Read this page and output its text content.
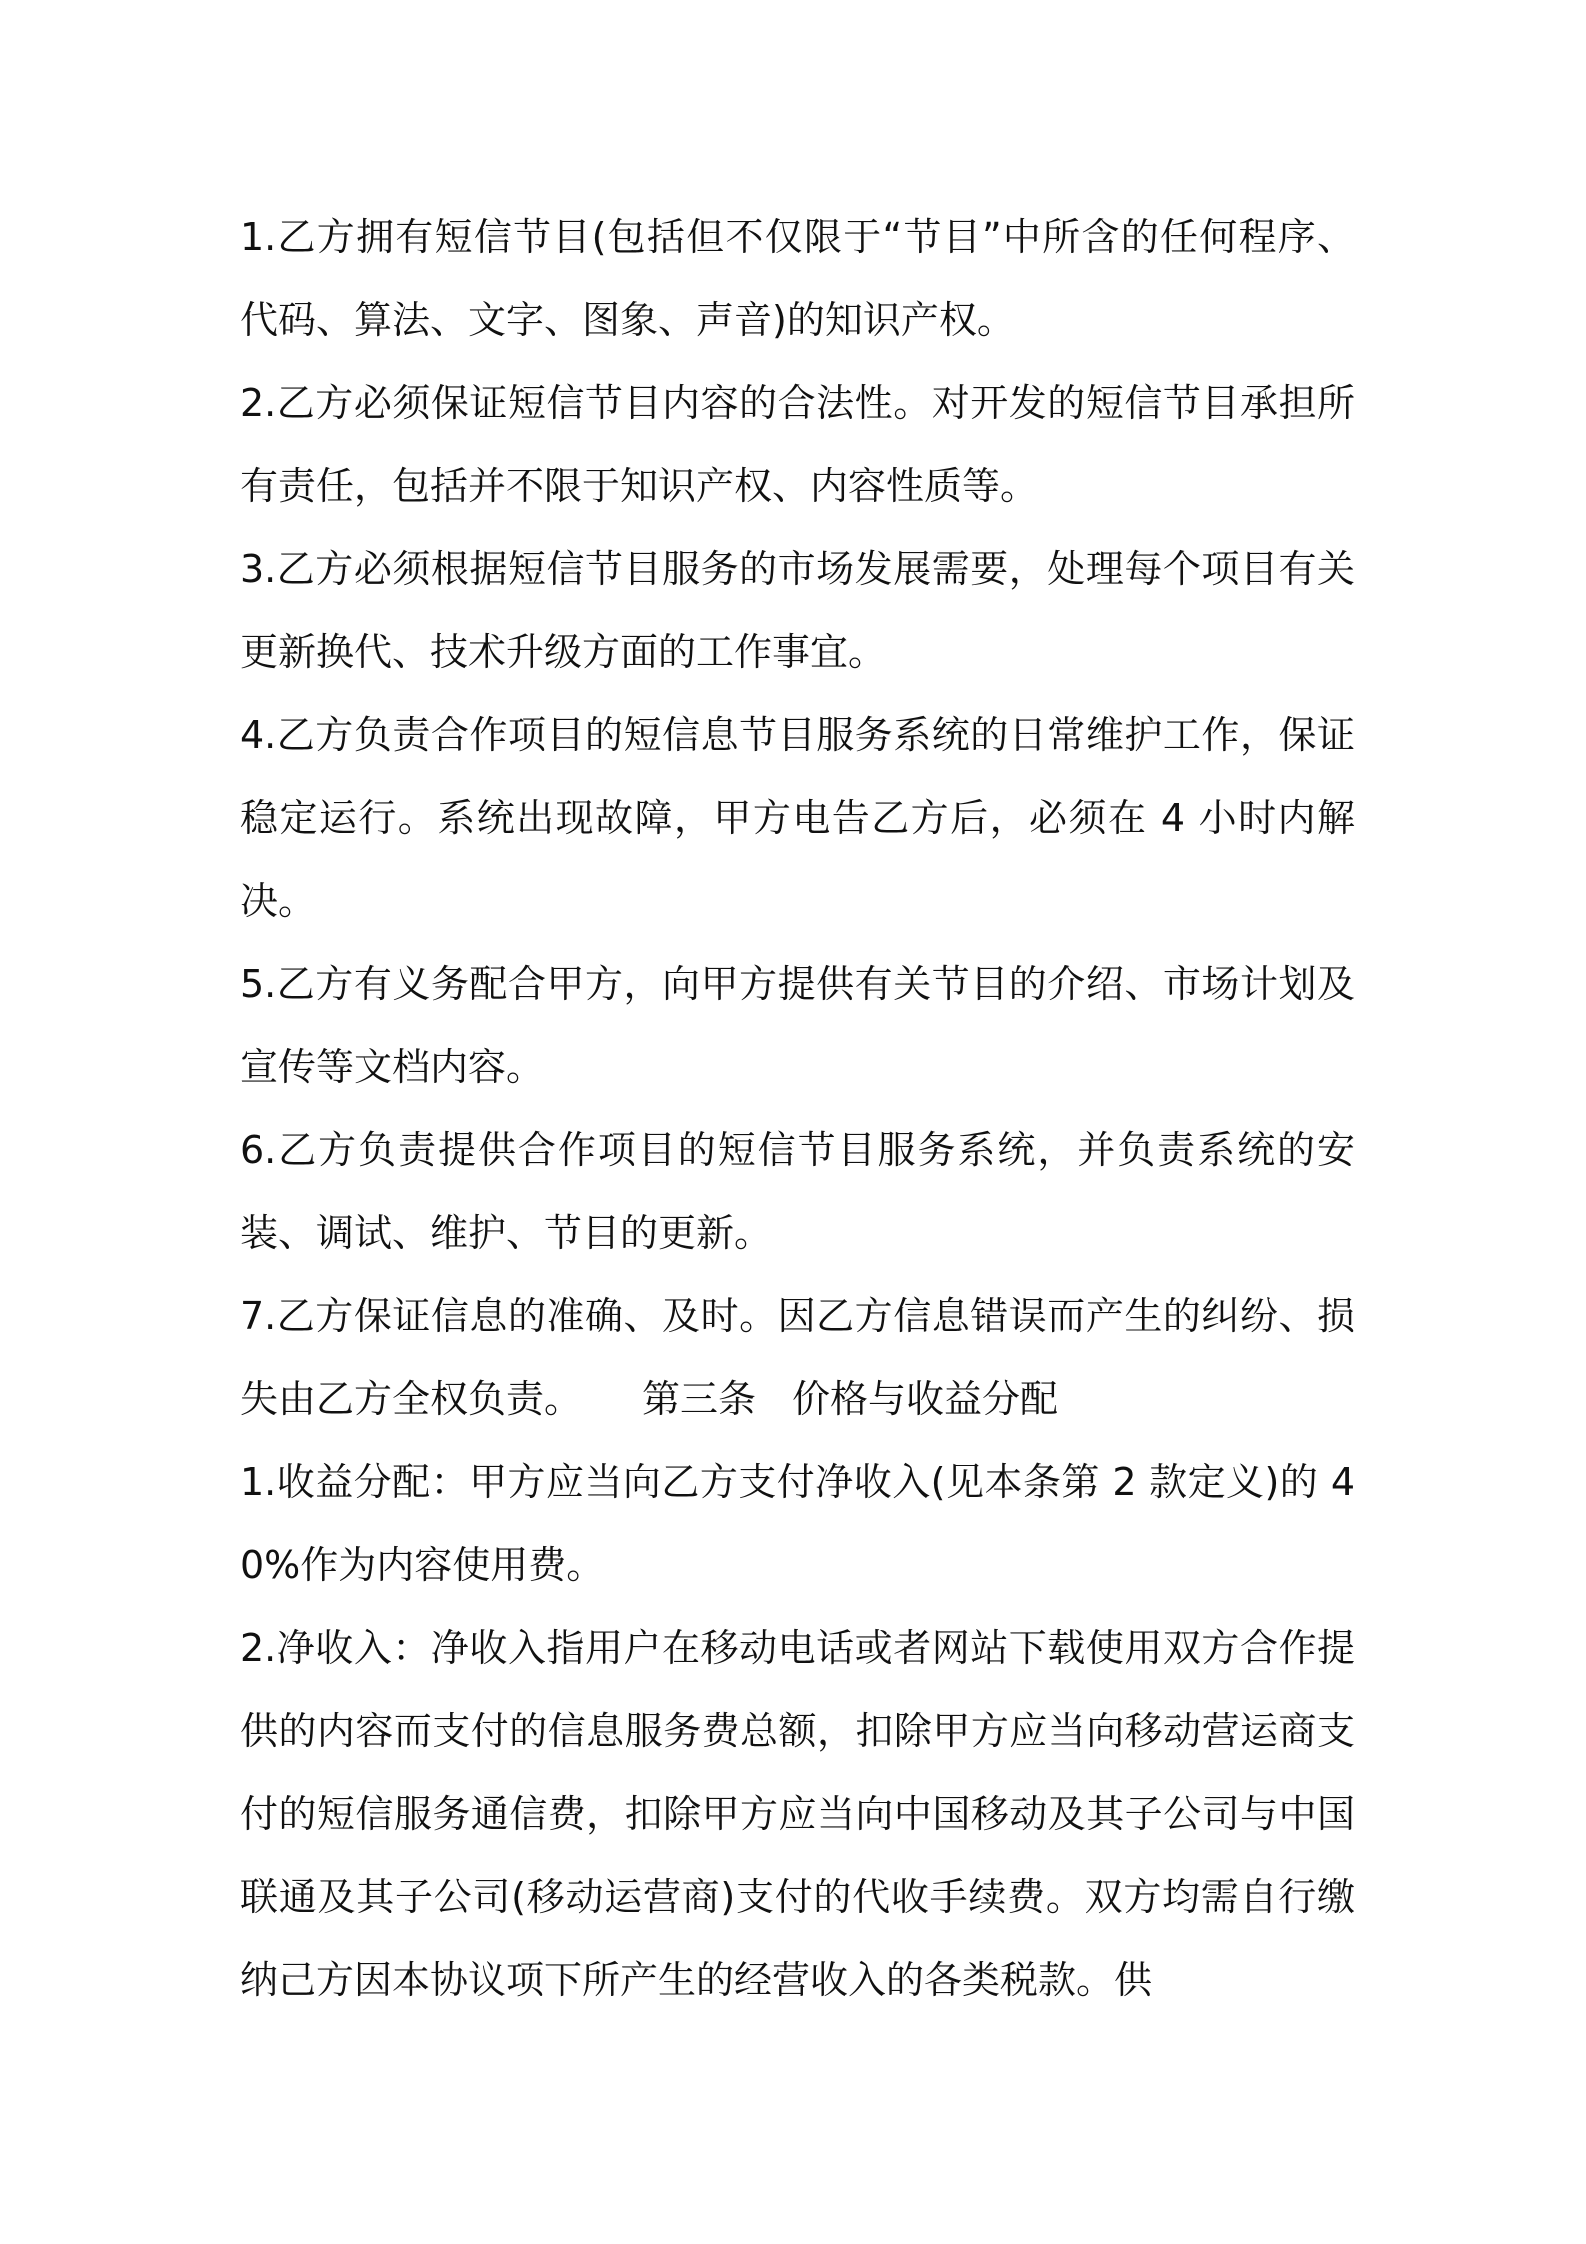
1.乙方拥有短信节目(包括但不仅限于“节目”中所含的任何程序、代码、算法、文字、图象、声音)的知识产权。

2.乙方必须保证短信节目内容的合法性。对开发的短信节目承担所有责任，包括并不限于知识产权、内容性质等。

3.乙方必须根据短信节目服务的市场发展需要，处理每个项目有关更新换代、技术升级方面的工作事宜。

4.乙方负责合作项目的短信息节目服务系统的日常维护工作，保证稳定运行。系统出现故障，甲方电告乙方后，必须在 4 小时内解决。

5.乙方有义务配合甲方，向甲方提供有关节目的介绍、市场计划及宣传等文档内容。

6.乙方负责提供合作项目的短信节目服务系统，并负责系统的安装、调试、维护、节目的更新。

7.乙方保证信息的准确、及时。因乙方信息错误而产生的纠纷、损失由乙方全权负责。 第三条 价格与收益分配

1.收益分配：甲方应当向乙方支付净收入(见本条第 2 款定义)的 40%作为内容使用费。

2.净收入：净收入指用户在移动电话或者网站下载使用双方合作提供的内容而支付的信息服务费总额，扣除甲方应当向移动营运商支付的短信服务通信费，扣除甲方应当向中国移动及其子公司与中国联通及其子公司(移动运营商)支付的代收手续费。双方均需自行缴纳己方因本协议项下所产生的经营收入的各类税款。供
